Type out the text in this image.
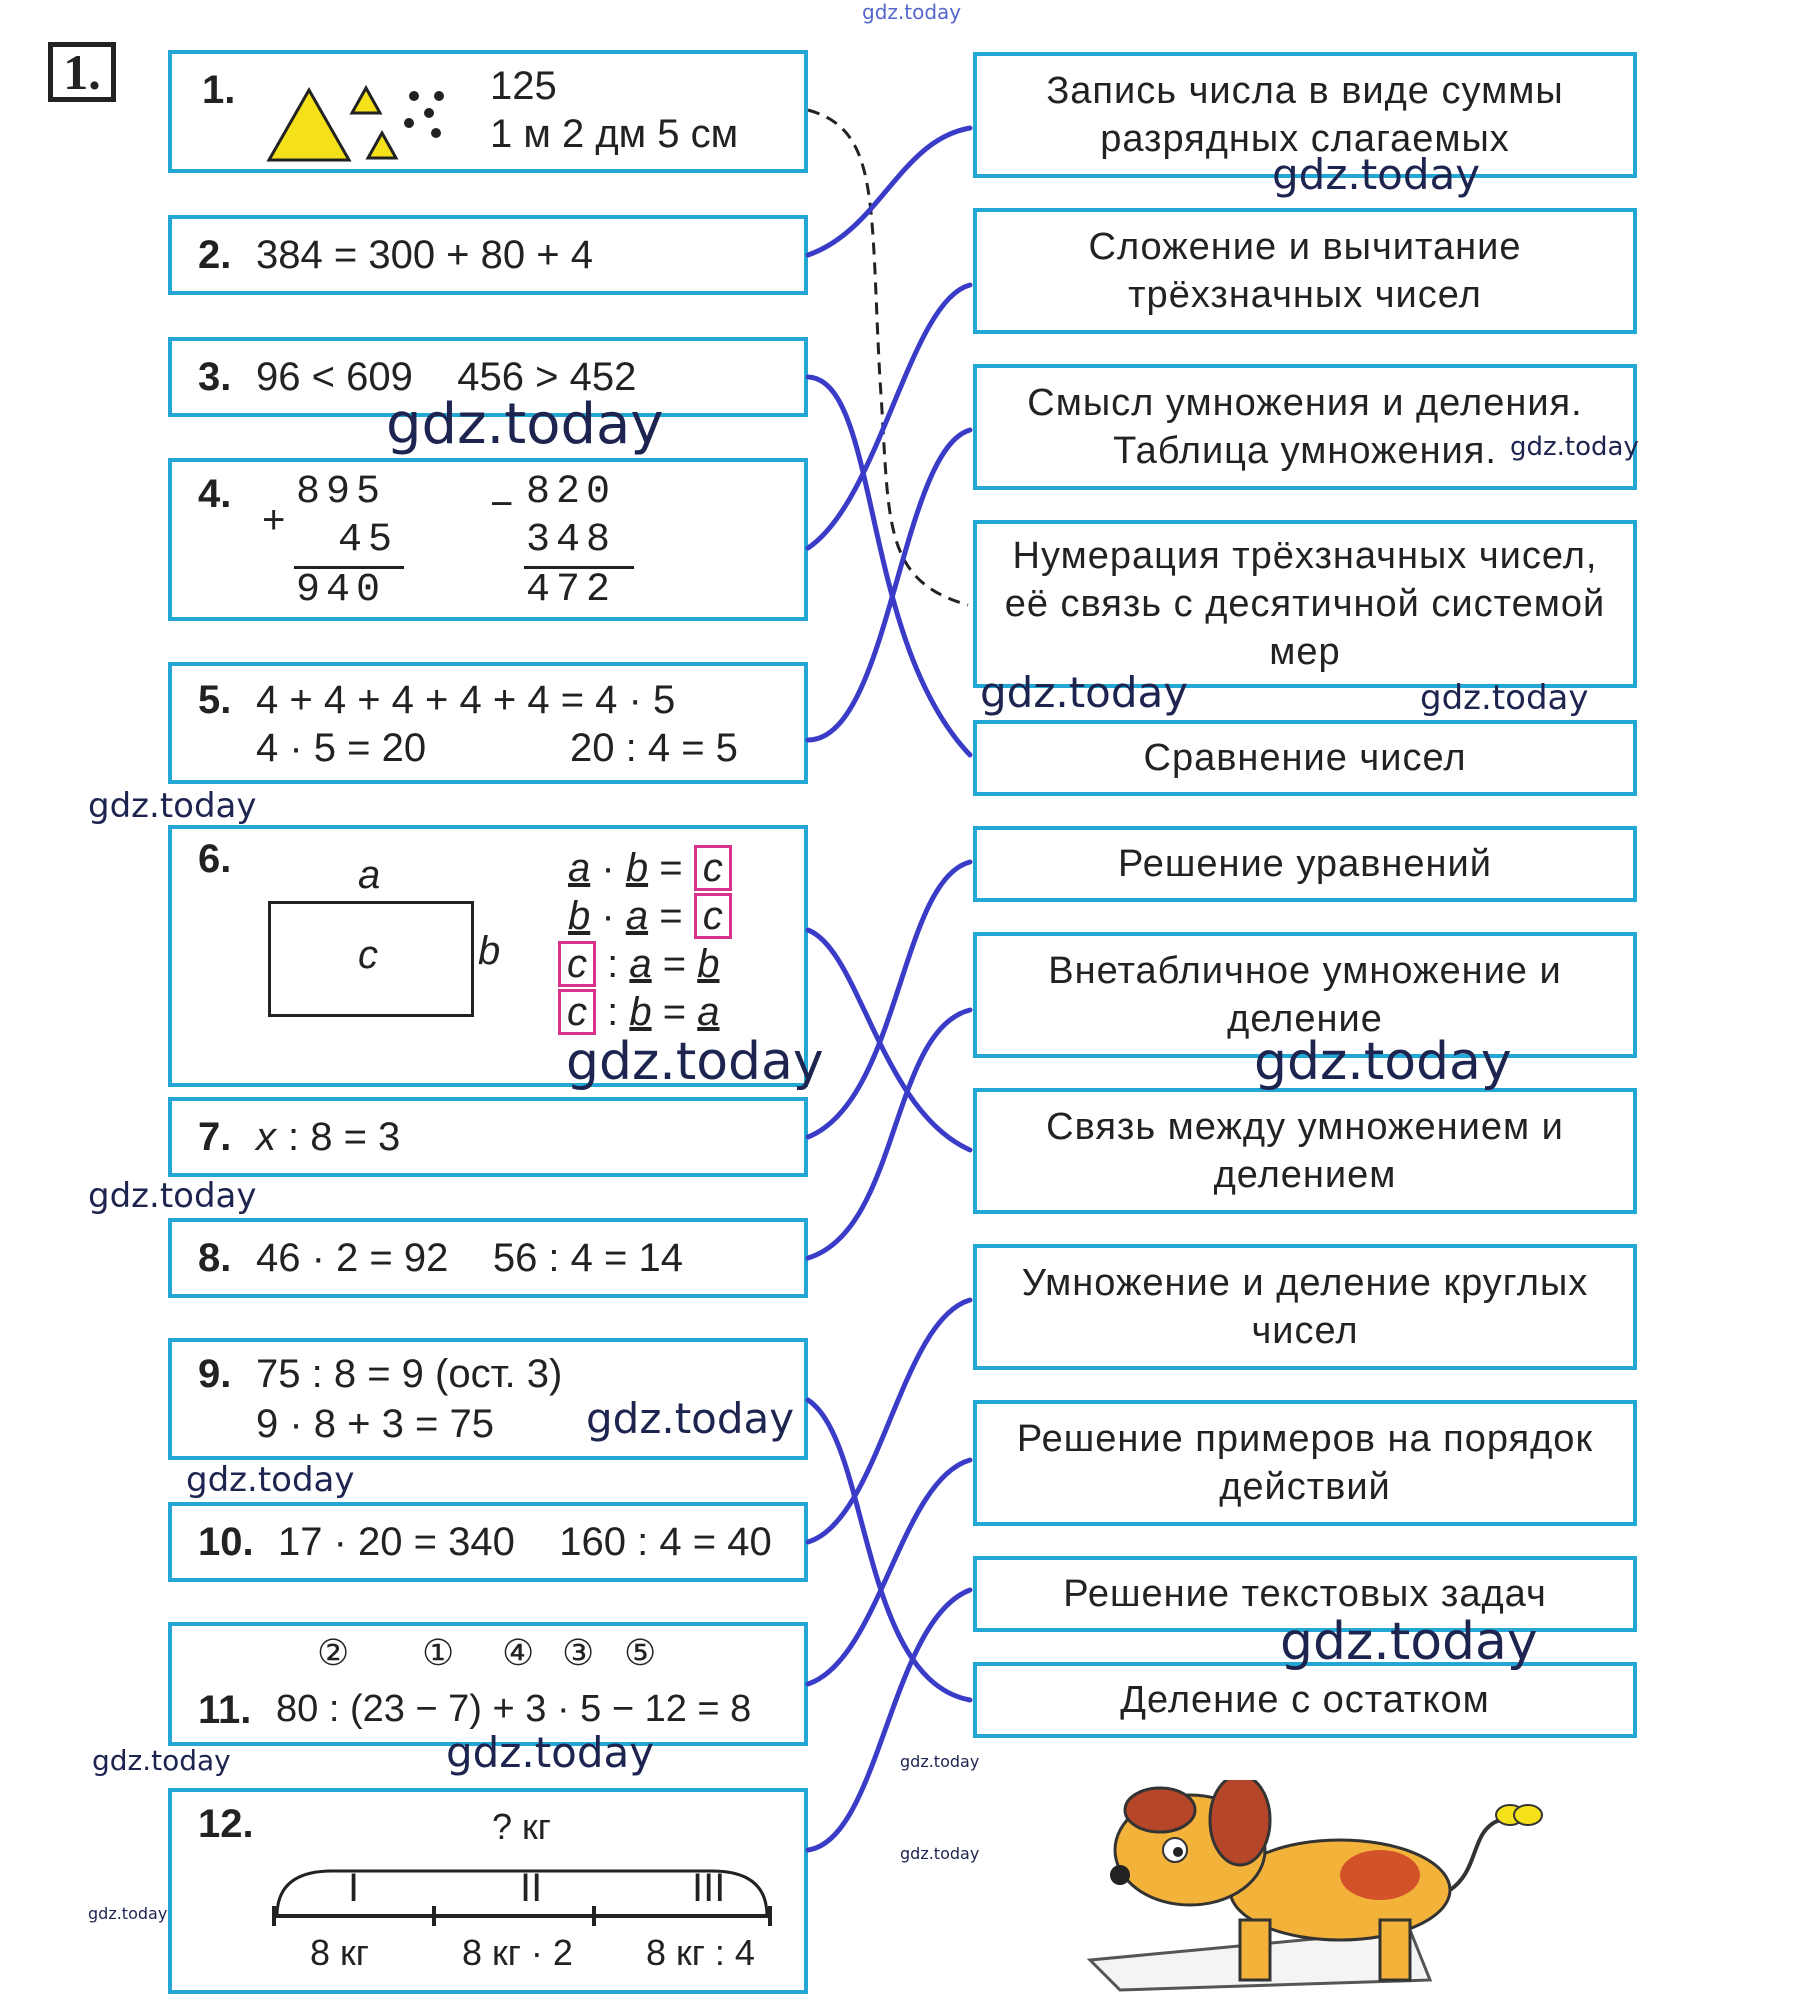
1.	1.	125
1 м 2 дм 5 см
2. 384 = 300 + 80 + 4
3. 96 < 609    456 > 452
4.
+
895
45
940
− 820
348
472
5. 4 + 4 + 4 + 4 + 4 = 4 · 5
4 · 5 = 20	20 : 4 = 5
6.	a
c	b
a · b = c
b · a = c
c : a = b
c : b = a
7. x : 8 = 3
8. 46 · 2 = 92    56 : 4 = 14
9. 75 : 8 = 9 (ост. 3)
9 · 8 + 3 = 75
10. 17 · 20 = 340    160 : 4 = 40
② ① ④ ③ ⑤
11. 80 : (23 − 7) + 3 · 5 − 12 = 8
12.	? кг
I	II	III
8 кг	8 кг · 2 8 кг : 4
Запись числа в виде суммы разрядных слагаемых
Сложение и вычитание трёхзначных чисел
Смысл умножения и деления. Таблица умножения.
Нумерация трёхзначных чисел, её связь с десятичной системой мер
Сравнение чисел
Решение уравнений
Внетабличное умножение и деление
Связь между умножением и делением
Умножение и деление круглых чисел
Решение примеров на порядок действий
Решение текстовых задач
Деление с остатком
gdz.today
gdz.today
gdz.today	gdz.today
gdz.today	gdz.today
gdz.today
gdz.today	gdz.today
gdz.today
gdz.today
gdz.today
gdz.today
gdz.today
gdz.today	gdz.today
gdz.today
gdz.today
